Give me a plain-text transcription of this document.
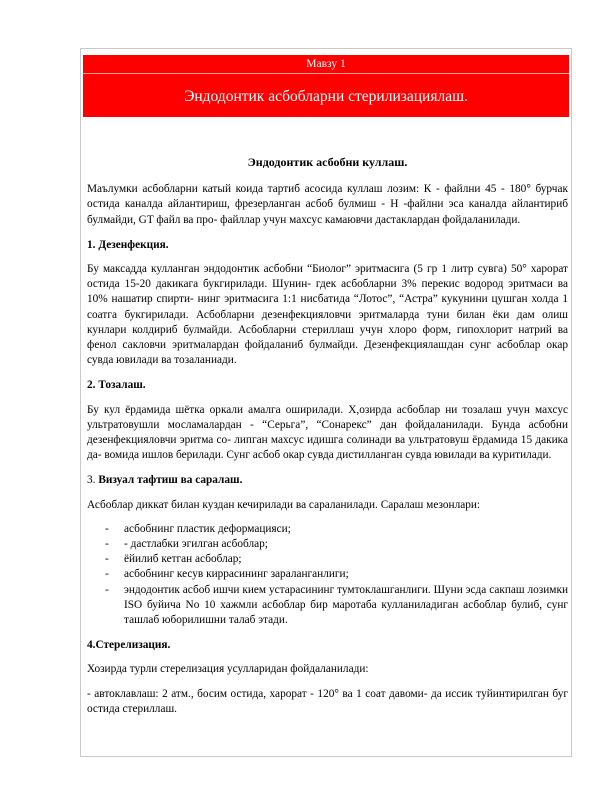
Мавзу 1
Эндодонтик асбобларни стерилизациялаш.

Эндодонтик асбобни куллаш.

Маълумки асбобларни катый коида тартиб асосида куллаш лозим: К - файлни 45 - 180° бурчак остида каналда айлантириш, фрезерланган асбоб булмиш - Н -файлни эса каналда айлантириб булмайди, GT файл ва про- файллар учун махсус камаювчи дастаклардан фойдаланилади.

1. Дезенфекция.

Бу максадда кулланган эндодонтик асбобни “Биолог” эритмасига (5 гр 1 литр сувга) 50° харорат остида 15-20 дакикага букгирилади. Шунин- гдек асбобларни 3% перекис водород эритмаси ва 10% нашатир спирти- нинг эритмасига 1:1 нисбатида “Лотос”, “Астра” кукунини цушган холда 1 соатга букгирилади. Асбобларни дезенфекцияловчи эритмаларда туни билан ёки дам олиш кунлари колдириб булмайди. Асбобларни стериллаш учун хлоро форм, гипохлорит натрий ва фенол сакловчи эритмалардан фойдаланиб булмайди. Дезенфекциялашдан сунг асбоблар окар сувда ювилади ва тозаланиади.

2. Тозалаш.

Бу кул ёрдамида шётка оркали амалга оширилади. Х,озирда асбоблар ни тозалаш учун махсус ультратовушли мосламалардан - “Серьга”, “Сонарекс” дан фойдаланилади. Бунда асбобни дезенфекцияловчи эритма со- липган махсус идишга солинади ва ультратовуш ёрдамида 15 дакика да- вомида ишлов берилади. Сунг асбоб окар сувда дистилланган сувда ювилади ва куритилади.

3. Визуал тафтиш ва саралаш.

Асбоблар диккат билан куздан кечирилади ва сараланилади. Саралаш мезонлари:

- асбобнинг пластик деформацияси;
- - дастлабки эгилган асбоблар;
- ёйилиб кетган асбоблар;
- асбобнинг кесув киррасининг зараланганлиги;
- эндодонтик асбоб ишчи кием устарасининг тумтоклашганлиги. Шуни эсда сакпаш лозимки ISO буйича No 10 хажмли асбоблар бир маротаба кулланиладиган асбоблар булиб, сунг ташлаб юборилишни талаб этади.

4.Стерелизация.

Хозирда турли стерелизация усулларидан фойдаланилади:

- автоклавлаш: 2 атм., босим остида, харорат - 120° ва 1 соат давоми- да иссик туйинтирилган буг остида стериллаш.
